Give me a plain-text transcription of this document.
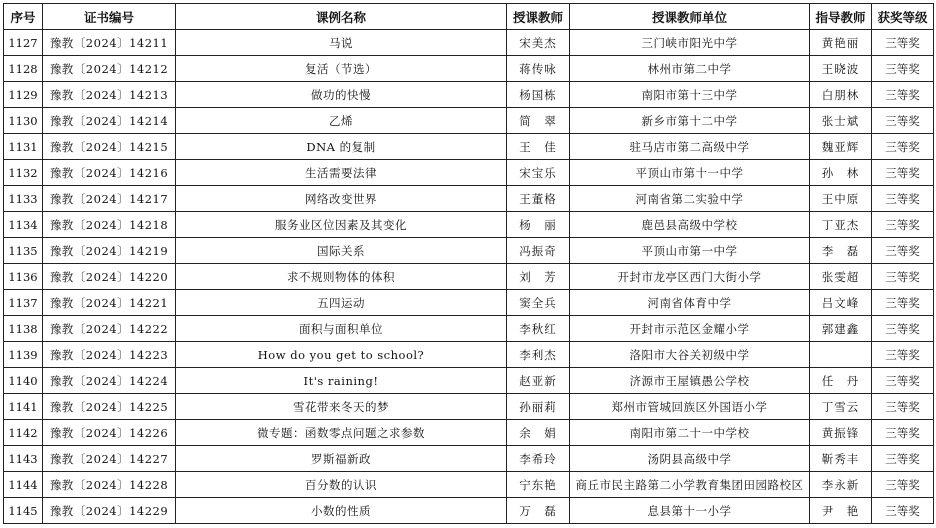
序号	证书编号	课例名称	授课教师	授课教师单位	指导教师	获奖等级
1127	豫教〔2024〕14211	马说	宋美杰	三门峡市阳光中学	黄艳丽	三等奖
1128	豫教〔2024〕14212	复活（节选）	蒋传咏	林州市第二中学	王晓波	三等奖
1129	豫教〔2024〕14213	做功的快慢	杨国栋	南阳市第十三中学	白朋林	三等奖
1130	豫教〔2024〕14214	乙烯	简　翠	新乡市第十二中学	张士斌	三等奖
1131	豫教〔2024〕14215	DNA 的复制	王　佳	驻马店市第二高级中学	魏亚辉	三等奖
1132	豫教〔2024〕14216	生活需要法律	宋宝乐	平顶山市第十一中学	孙　林	三等奖
1133	豫教〔2024〕14217	网络改变世界	王董格	河南省第二实验中学	王中原	三等奖
1134	豫教〔2024〕14218	服务业区位因素及其变化	杨　丽	鹿邑县高级中学校	丁亚杰	三等奖
1135	豫教〔2024〕14219	国际关系	冯振奇	平顶山市第一中学	李　磊	三等奖
1136	豫教〔2024〕14220	求不规则物体的体积	刘　芳	开封市龙亭区西门大街小学	张雯超	三等奖
1137	豫教〔2024〕14221	五四运动	窦全兵	河南省体育中学	吕文峰	三等奖
1138	豫教〔2024〕14222	面积与面积单位	李秋红	开封市示范区金耀小学	郭建鑫	三等奖
1139	豫教〔2024〕14223	How do you get to school?	李利杰	洛阳市大谷关初级中学		三等奖
1140	豫教〔2024〕14224	It's raining!	赵亚新	济源市王屋镇愚公学校	任　丹	三等奖
1141	豫教〔2024〕14225	雪花带来冬天的梦	孙丽莉	郑州市管城回族区外国语小学	丁雪云	三等奖
1142	豫教〔2024〕14226	微专题：函数零点问题之求参数	余　娟	南阳市第二十一中学校	黄振锋	三等奖
1143	豫教〔2024〕14227	罗斯福新政	李希玲	汤阴县高级中学	靳秀丰	三等奖
1144	豫教〔2024〕14228	百分数的认识	宁东艳	商丘市民主路第二小学教育集团田园路校区	李永新	三等奖
1145	豫教〔2024〕14229	小数的性质	万　磊	息县第十一小学	尹　艳	三等奖
